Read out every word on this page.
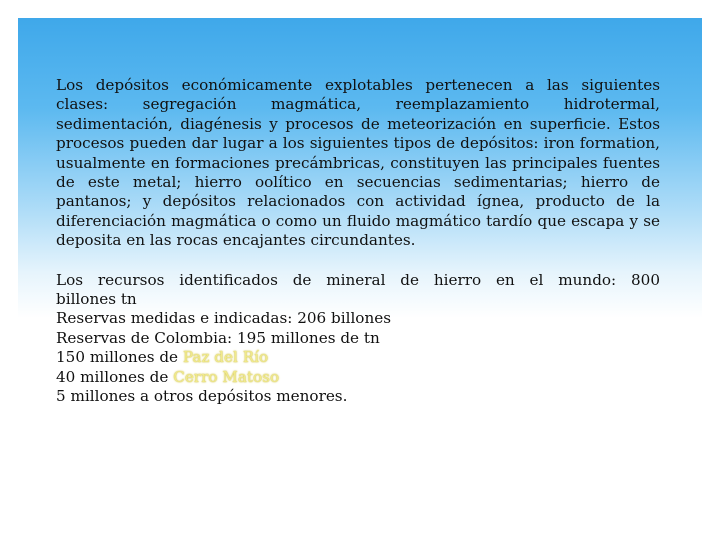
Los depósitos económicamente explotables pertenecen a las siguientes clases: segregación magmática, reemplazamiento hidrotermal, sedimentación, diagénesis y procesos de meteorización en superficie. Estos procesos pueden dar lugar a los siguientes tipos de depósitos: iron formation, usualmente en formaciones precámbricas, constituyen las principales fuentes de este metal; hierro oolítico en secuencias sedimentarias; hierro de pantanos; y depósitos relacionados con actividad ígnea, producto de la diferenciación magmática o como un fluido magmático tardío que escapa y se deposita en las rocas encajantes circundantes.

Los recursos identificados de mineral de hierro en el mundo: 800
billones tn
Reservas medidas e indicadas: 206 billones
Reservas de Colombia: 195 millones de tn
150 millones de Paz del Río
40 millones de Cerro Matoso
5 millones a otros depósitos menores.
